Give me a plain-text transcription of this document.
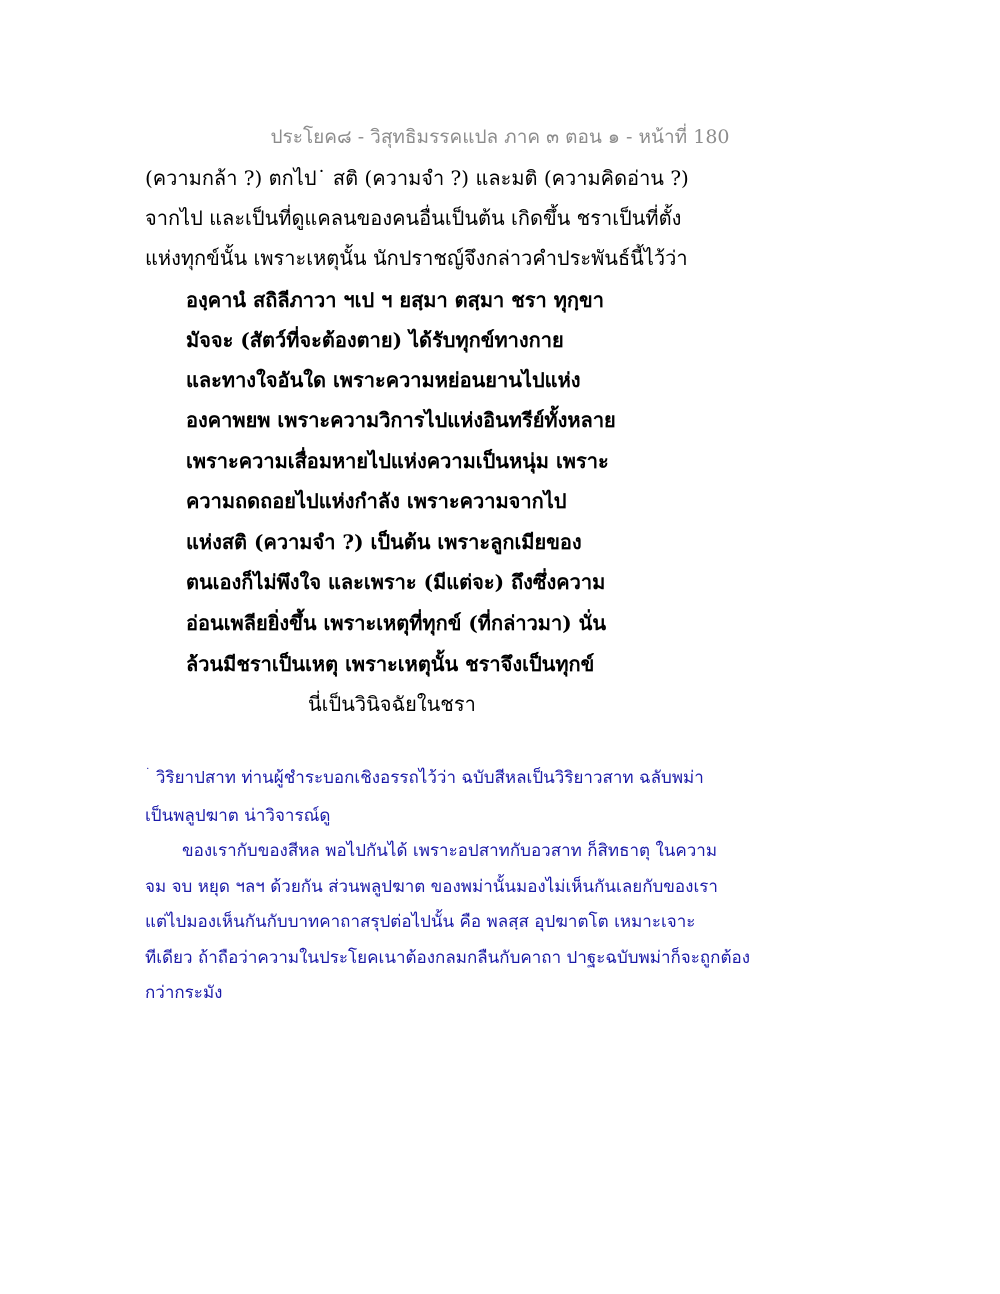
ประโยค๘ - วิสุทธิมรรคแปล ภาค ๓ ตอน ๑ - หน้าที่ 180
(ความกล้า ?) ตกไป˙ สติ (ความจำ ?) และมติ (ความคิดอ่าน ?)
จากไป และเป็นที่ดูแคลนของคนอื่นเป็นต้น เกิดขึ้น ชราเป็นที่ตั้ง
แห่งทุกข์นั้น เพราะเหตุนั้น นักปราชญ์จึงกล่าวคำประพันธ์นี้ไว้ว่า
องฺคานํ สถิลีภาวา ฯเป ฯ ยสฺมา ตสฺมา ชรา ทุกฺขา
มัจจะ (สัตว์ที่จะต้องตาย) ได้รับทุกข์ทางกาย
และทางใจอันใด เพราะความหย่อนยานไปแห่ง
องคาพยพ เพราะความวิการไปแห่งอินทรีย์ทั้งหลาย
เพราะความเสื่อมหายไปแห่งความเป็นหนุ่ม เพราะ
ความถดถอยไปแห่งกำลัง เพราะความจากไป
แห่งสติ (ความจำ ?) เป็นต้น เพราะลูกเมียของ
ตนเองก็ไม่พึงใจ และเพราะ (มีแต่จะ) ถึงซึ่งความ
อ่อนเพลียยิ่งขึ้น เพราะเหตุที่ทุกข์ (ที่กล่าวมา) นั่น
ล้วนมีชราเป็นเหตุ เพราะเหตุนั้น ชราจึงเป็นทุกข์
นี่เป็นวินิจฉัยในชรา
˙ วิริยาปสาท ท่านผู้ชำระบอกเชิงอรรถไว้ว่า ฉบับสีหลเป็นวิริยาวสาท ฉลับพม่า
เป็นพลูปฆาต น่าวิจารณ์ดู
ของเรากับของสีหล พอไปกันได้ เพราะอปสาทกับอวสาท ก็สิทธาตุ ในความ
จม จบ หยุด ฯลฯ ด้วยกัน ส่วนพลูปฆาต ของพม่านั้นมองไม่เห็นกันเลยกับของเรา
แต่ไปมองเห็นกันกับบาทคาถาสรุปต่อไปนั้น คือ พลสฺส อุปฆาตโต เหมาะเจาะ
ทีเดียว ถ้าถือว่าความในประโยคเนาต้องกลมกลืนกับคาถา ปาฐะฉบับพม่าก็จะถูกต้อง
กว่ากระมัง
